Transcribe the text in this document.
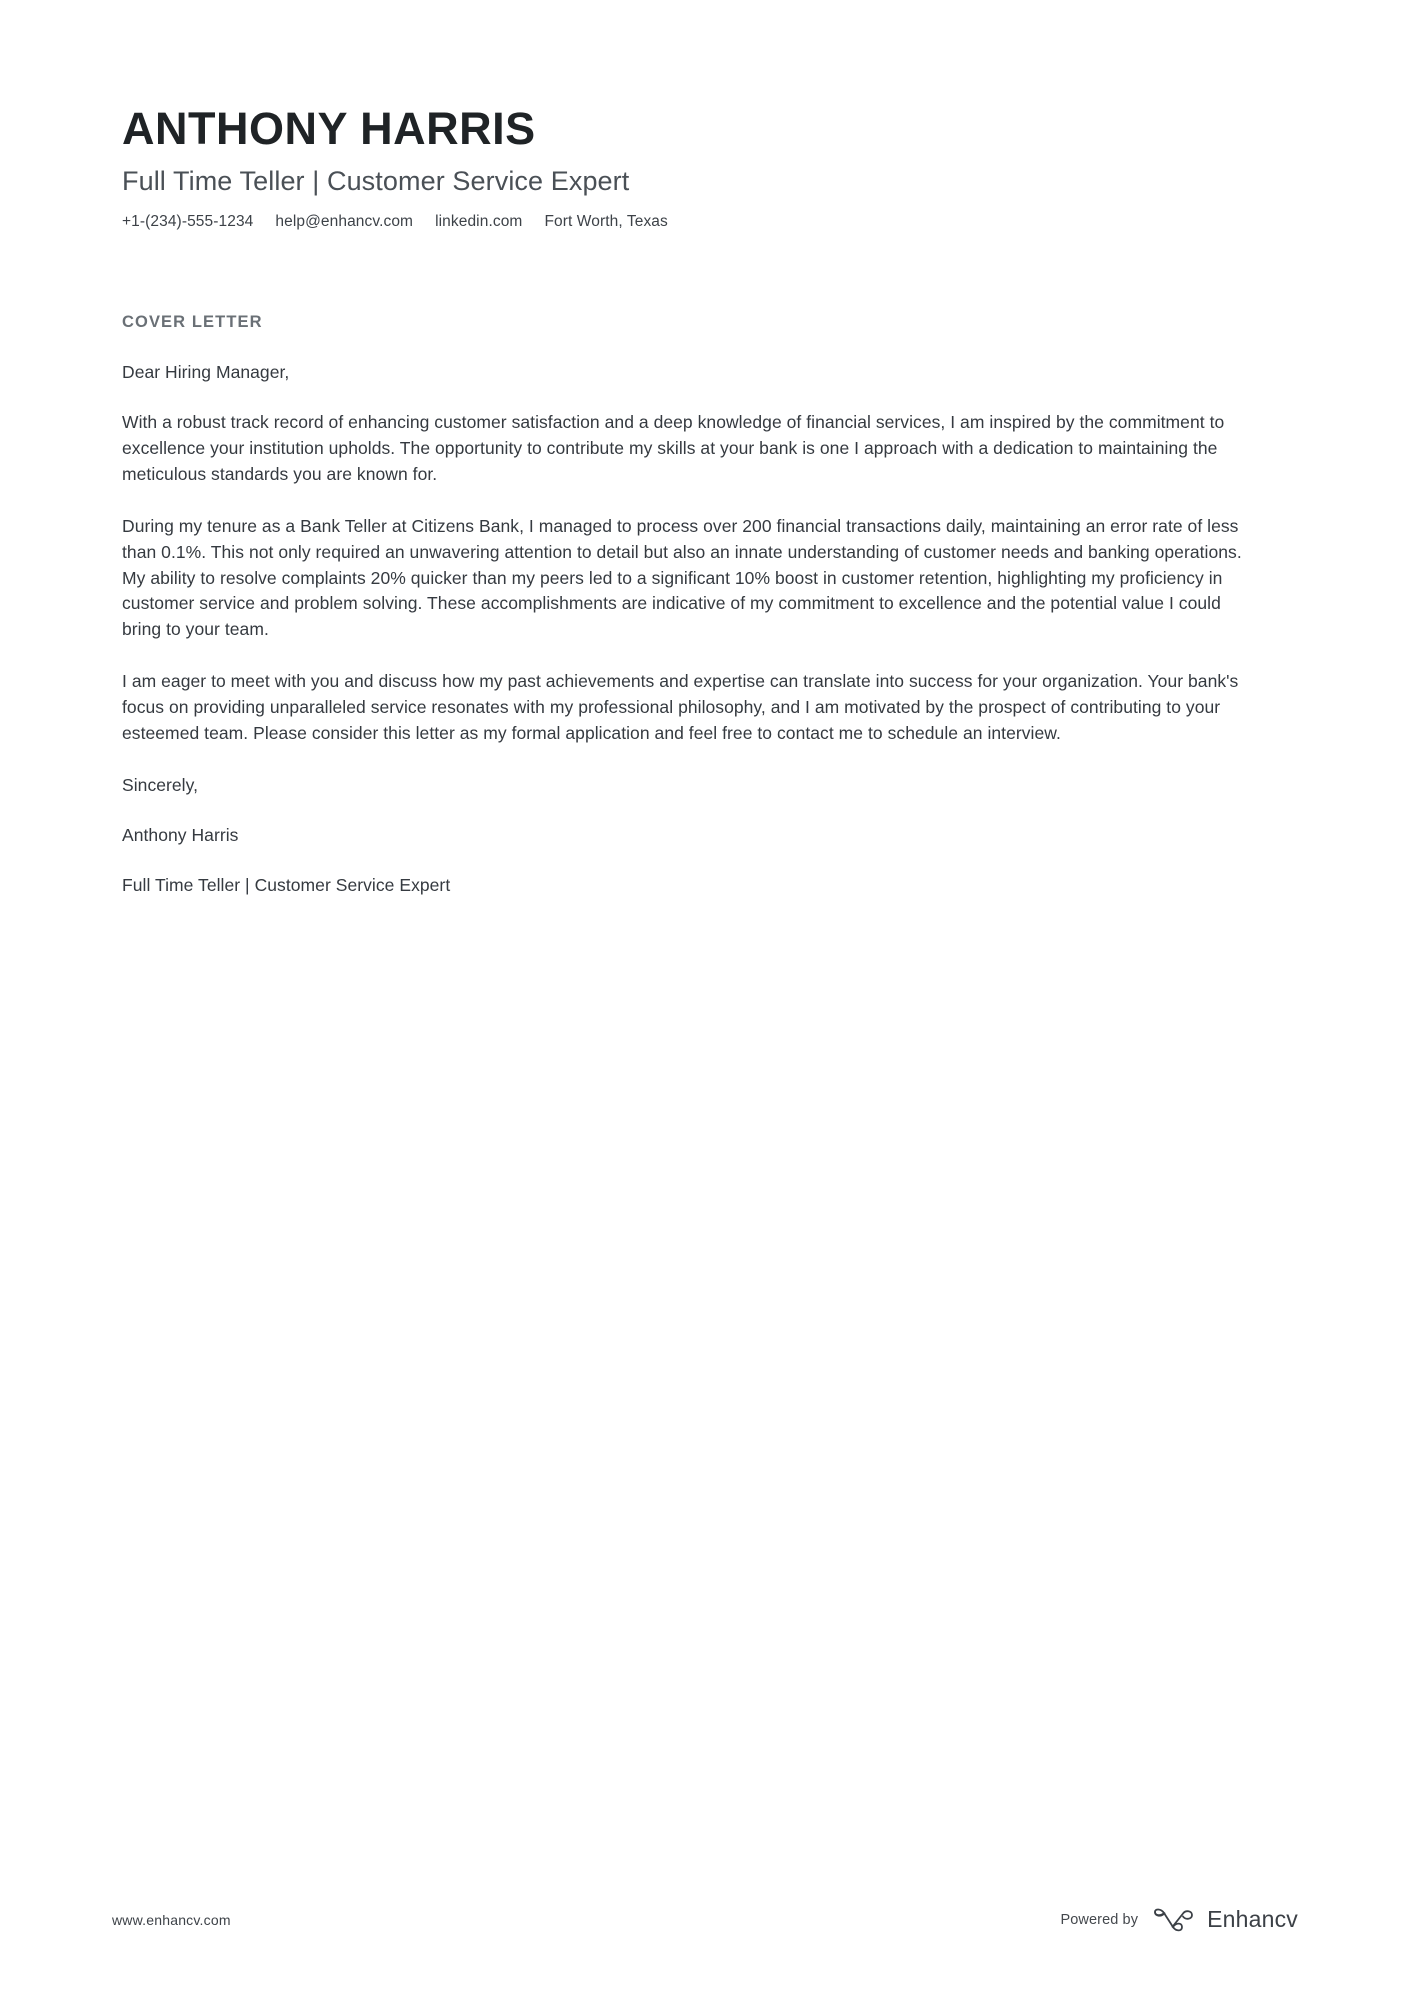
ANTHONY HARRIS
Full Time Teller | Customer Service Expert
+1-(234)-555-1234 help@enhancv.com linkedin.com Fort Worth, Texas
COVER LETTER

Dear Hiring Manager,

With a robust track record of enhancing customer satisfaction and a deep knowledge of financial services, I am inspired by the commitment to excellence your institution upholds. The opportunity to contribute my skills at your bank is one I approach with a dedication to maintaining the meticulous standards you are known for.

During my tenure as a Bank Teller at Citizens Bank, I managed to process over 200 financial transactions daily, maintaining an error rate of less than 0.1%. This not only required an unwavering attention to detail but also an innate understanding of customer needs and banking operations. My ability to resolve complaints 20% quicker than my peers led to a significant 10% boost in customer retention, highlighting my proficiency in customer service and problem solving. These accomplishments are indicative of my commitment to excellence and the potential value I could bring to your team.

I am eager to meet with you and discuss how my past achievements and expertise can translate into success for your organization. Your bank's focus on providing unparalleled service resonates with my professional philosophy, and I am motivated by the prospect of contributing to your esteemed team. Please consider this letter as my formal application and feel free to contact me to schedule an interview.

Sincerely,

Anthony Harris

Full Time Teller | Customer Service Expert

www.enhancv.com	Powered by	Enhancv
